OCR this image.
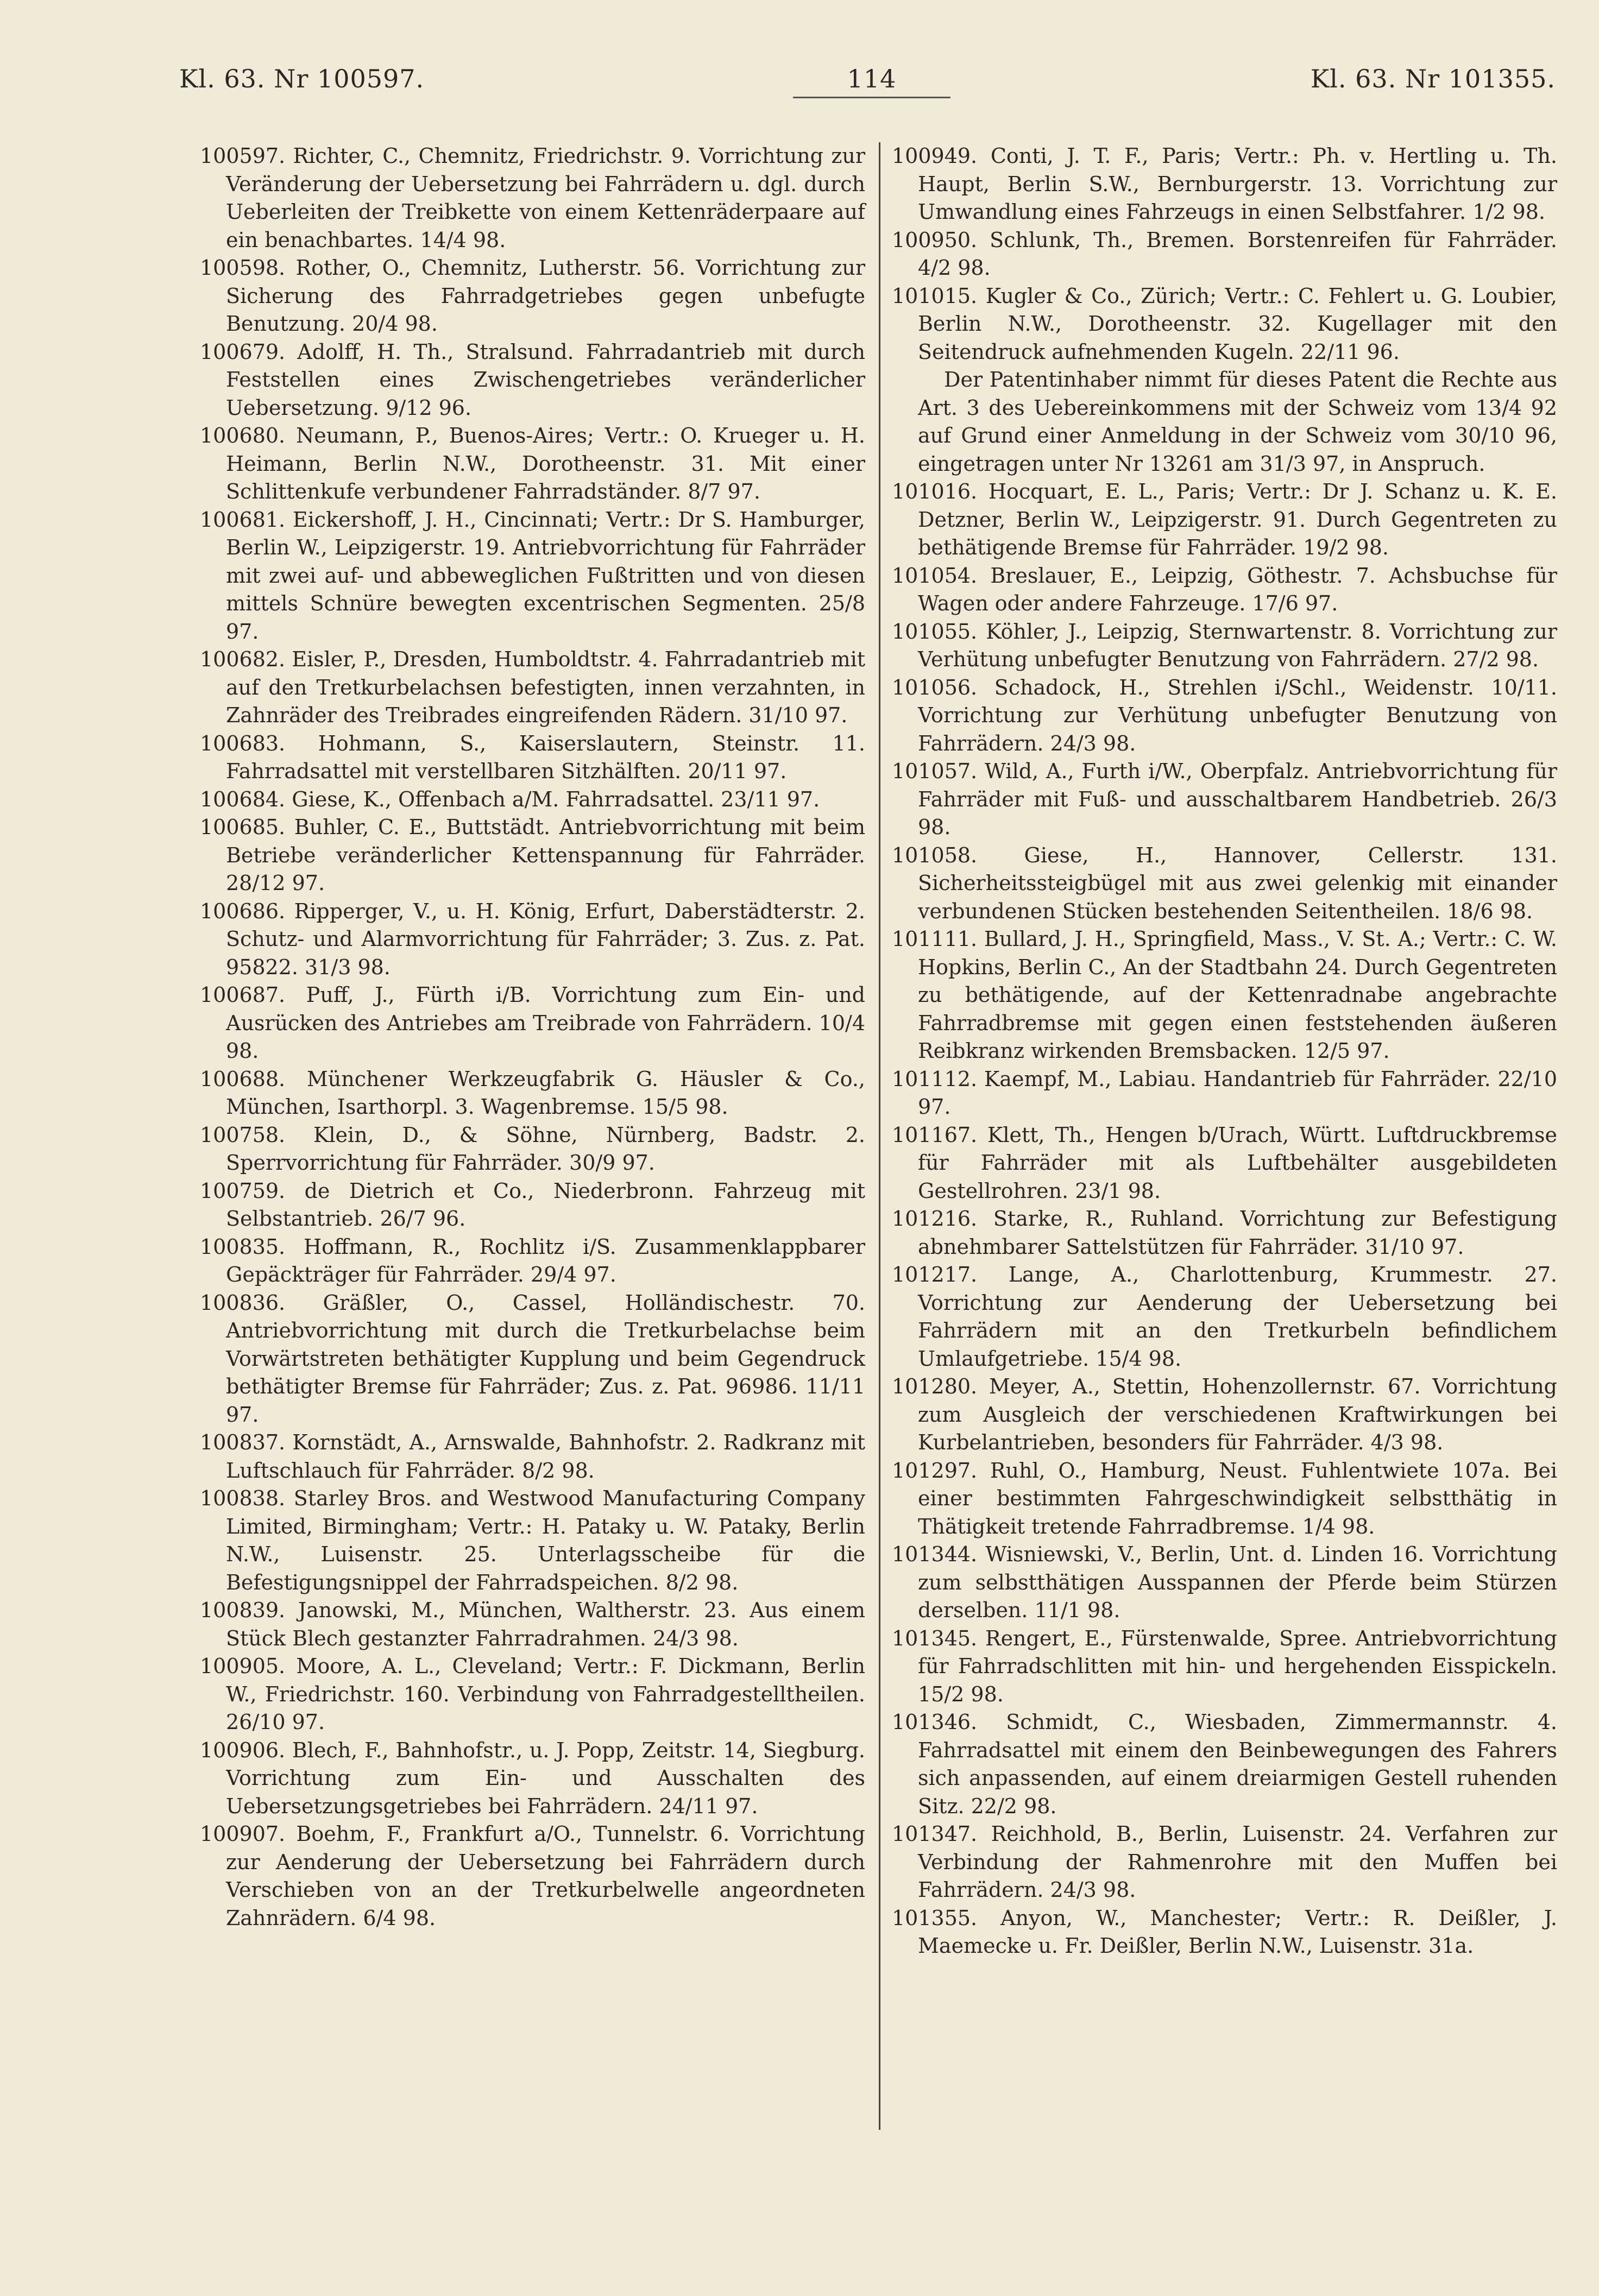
Kl. 63. Nr 100597.	114	Kl. 63. Nr 101355.

100597. Richter, C., Chemnitz, Friedrichstr. 9. Vorrichtung zur Veränderung der Uebersetzung bei Fahrrädern u. dgl. durch Ueberleiten der Treibkette von einem Kettenräderpaare auf ein benachbartes. 14/4 98.

100598. Rother, O., Chemnitz, Lutherstr. 56. Vorrichtung zur Sicherung des Fahrradgetriebes gegen unbefugte Benutzung. 20/4 98.

100679. Adolff, H. Th., Stralsund. Fahrradantrieb mit durch Feststellen eines Zwischengetriebes veränderlicher Uebersetzung. 9/12 96.

100680. Neumann, P., Buenos-Aires; Vertr.: O. Krueger u. H. Heimann, Berlin N.W., Dorotheenstr. 31. Mit einer Schlittenkufe verbundener Fahrradständer. 8/7 97.

100681. Eickershoff, J. H., Cincinnati; Vertr.: Dr S. Hamburger, Berlin W., Leipzigerstr. 19. Antriebvorrichtung für Fahrräder mit zwei auf- und abbeweglichen Fußtritten und von diesen mittels Schnüre bewegten excentrischen Segmenten. 25/8 97.

100682. Eisler, P., Dresden, Humboldtstr. 4. Fahrradantrieb mit auf den Tretkurbelachsen befestigten, innen verzahnten, in Zahnräder des Treibrades eingreifenden Rädern. 31/10 97.

100683. Hohmann, S., Kaiserslautern, Steinstr. 11. Fahrradsattel mit verstellbaren Sitzhälften. 20/11 97.

100684. Giese, K., Offenbach a/M. Fahrradsattel. 23/11 97.

100685. Buhler, C. E., Buttstädt. Antriebvorrichtung mit beim Betriebe veränderlicher Kettenspannung für Fahrräder. 28/12 97.

100686. Ripperger, V., u. H. König, Erfurt, Daberstädterstr. 2. Schutz- und Alarmvorrichtung für Fahrräder; 3. Zus. z. Pat. 95822. 31/3 98.

100687. Puff, J., Fürth i/B. Vorrichtung zum Ein- und Ausrücken des Antriebes am Treibrade von Fahrrädern. 10/4 98.

100688. Münchener Werkzeugfabrik G. Häusler & Co., München, Isarthorpl. 3. Wagenbremse. 15/5 98.

100758. Klein, D., & Söhne, Nürnberg, Badstr. 2. Sperrvorrichtung für Fahrräder. 30/9 97.

100759. de Dietrich et Co., Niederbronn. Fahrzeug mit Selbstantrieb. 26/7 96.

100835. Hoffmann, R., Rochlitz i/S. Zusammenklappbarer Gepäckträger für Fahrräder. 29/4 97.

100836. Gräßler, O., Cassel, Holländischestr. 70. Antriebvorrichtung mit durch die Tretkurbelachse beim Vorwärtstreten bethätigter Kupplung und beim Gegendruck bethätigter Bremse für Fahrräder; Zus. z. Pat. 96986. 11/11 97.

100837. Kornstädt, A., Arnswalde, Bahnhofstr. 2. Radkranz mit Luftschlauch für Fahrräder. 8/2 98.

100838. Starley Bros. and Westwood Manufacturing Company Limited, Birmingham; Vertr.: H. Pataky u. W. Pataky, Berlin N.W., Luisenstr. 25. Unterlagsscheibe für die Befestigungsnippel der Fahrradspeichen. 8/2 98.

100839. Janowski, M., München, Waltherstr. 23. Aus einem Stück Blech gestanzter Fahrradrahmen. 24/3 98.

100905. Moore, A. L., Cleveland; Vertr.: F. Dickmann, Berlin W., Friedrichstr. 160. Verbindung von Fahrradgestelltheilen. 26/10 97.

100906. Blech, F., Bahnhofstr., u. J. Popp, Zeitstr. 14, Siegburg. Vorrichtung zum Ein- und Ausschalten des Uebersetzungsgetriebes bei Fahrrädern. 24/11 97.

100907. Boehm, F., Frankfurt a/O., Tunnelstr. 6. Vorrichtung zur Aenderung der Uebersetzung bei Fahrrädern durch Verschieben von an der Tretkurbelwelle angeordneten Zahnrädern. 6/4 98.

100949. Conti, J. T. F., Paris; Vertr.: Ph. v. Hertling u. Th. Haupt, Berlin S.W., Bernburgerstr. 13. Vorrichtung zur Umwandlung eines Fahrzeugs in einen Selbstfahrer. 1/2 98.

100950. Schlunk, Th., Bremen. Borstenreifen für Fahrräder. 4/2 98.

101015. Kugler & Co., Zürich; Vertr.: C. Fehlert u. G. Loubier, Berlin N.W., Dorotheenstr. 32. Kugellager mit den Seitendruck aufnehmenden Kugeln. 22/11 96.

Der Patentinhaber nimmt für dieses Patent die Rechte aus Art. 3 des Uebereinkommens mit der Schweiz vom 13/4 92 auf Grund einer Anmeldung in der Schweiz vom 30/10 96, eingetragen unter Nr 13261 am 31/3 97, in Anspruch.

101016. Hocquart, E. L., Paris; Vertr.: Dr J. Schanz u. K. E. Detzner, Berlin W., Leipzigerstr. 91. Durch Gegentreten zu bethätigende Bremse für Fahrräder. 19/2 98.

101054. Breslauer, E., Leipzig, Göthestr. 7. Achsbuchse für Wagen oder andere Fahrzeuge. 17/6 97.

101055. Köhler, J., Leipzig, Sternwartenstr. 8. Vorrichtung zur Verhütung unbefugter Benutzung von Fahrrädern. 27/2 98.

101056. Schadock, H., Strehlen i/Schl., Weidenstr. 10/11. Vorrichtung zur Verhütung unbefugter Benutzung von Fahrrädern. 24/3 98.

101057. Wild, A., Furth i/W., Oberpfalz. Antriebvorrichtung für Fahrräder mit Fuß- und ausschaltbarem Handbetrieb. 26/3 98.

101058. Giese, H., Hannover, Cellerstr. 131. Sicherheitssteigbügel mit aus zwei gelenkig mit einander verbundenen Stücken bestehenden Seitentheilen. 18/6 98.

101111. Bullard, J. H., Springfield, Mass., V. St. A.; Vertr.: C. W. Hopkins, Berlin C., An der Stadtbahn 24. Durch Gegentreten zu bethätigende, auf der Kettenradnabe angebrachte Fahrradbremse mit gegen einen feststehenden äußeren Reibkranz wirkenden Bremsbacken. 12/5 97.

101112. Kaempf, M., Labiau. Handantrieb für Fahrräder. 22/10 97.

101167. Klett, Th., Hengen b/Urach, Württ. Luftdruckbremse für Fahrräder mit als Luftbehälter ausgebildeten Gestellrohren. 23/1 98.

101216. Starke, R., Ruhland. Vorrichtung zur Befestigung abnehmbarer Sattelstützen für Fahrräder. 31/10 97.

101217. Lange, A., Charlottenburg, Krummestr. 27. Vorrichtung zur Aenderung der Uebersetzung bei Fahrrädern mit an den Tretkurbeln befindlichem Umlaufgetriebe. 15/4 98.

101280. Meyer, A., Stettin, Hohenzollernstr. 67. Vorrichtung zum Ausgleich der verschiedenen Kraftwirkungen bei Kurbelantrieben, besonders für Fahrräder. 4/3 98.

101297. Ruhl, O., Hamburg, Neust. Fuhlentwiete 107a. Bei einer bestimmten Fahrgeschwindigkeit selbstthätig in Thätigkeit tretende Fahrradbremse. 1/4 98.

101344. Wisniewski, V., Berlin, Unt. d. Linden 16. Vorrichtung zum selbstthätigen Ausspannen der Pferde beim Stürzen derselben. 11/1 98.

101345. Rengert, E., Fürstenwalde, Spree. Antriebvorrichtung für Fahrradschlitten mit hin- und hergehenden Eisspickeln. 15/2 98.

101346. Schmidt, C., Wiesbaden, Zimmermannstr. 4. Fahrradsattel mit einem den Beinbewegungen des Fahrers sich anpassenden, auf einem dreiarmigen Gestell ruhenden Sitz. 22/2 98.

101347. Reichhold, B., Berlin, Luisenstr. 24. Verfahren zur Verbindung der Rahmenrohre mit den Muffen bei Fahrrädern. 24/3 98.

101355. Anyon, W., Manchester; Vertr.: R. Deißler, J. Maemecke u. Fr. Deißler, Berlin N.W., Luisenstr. 31a.
